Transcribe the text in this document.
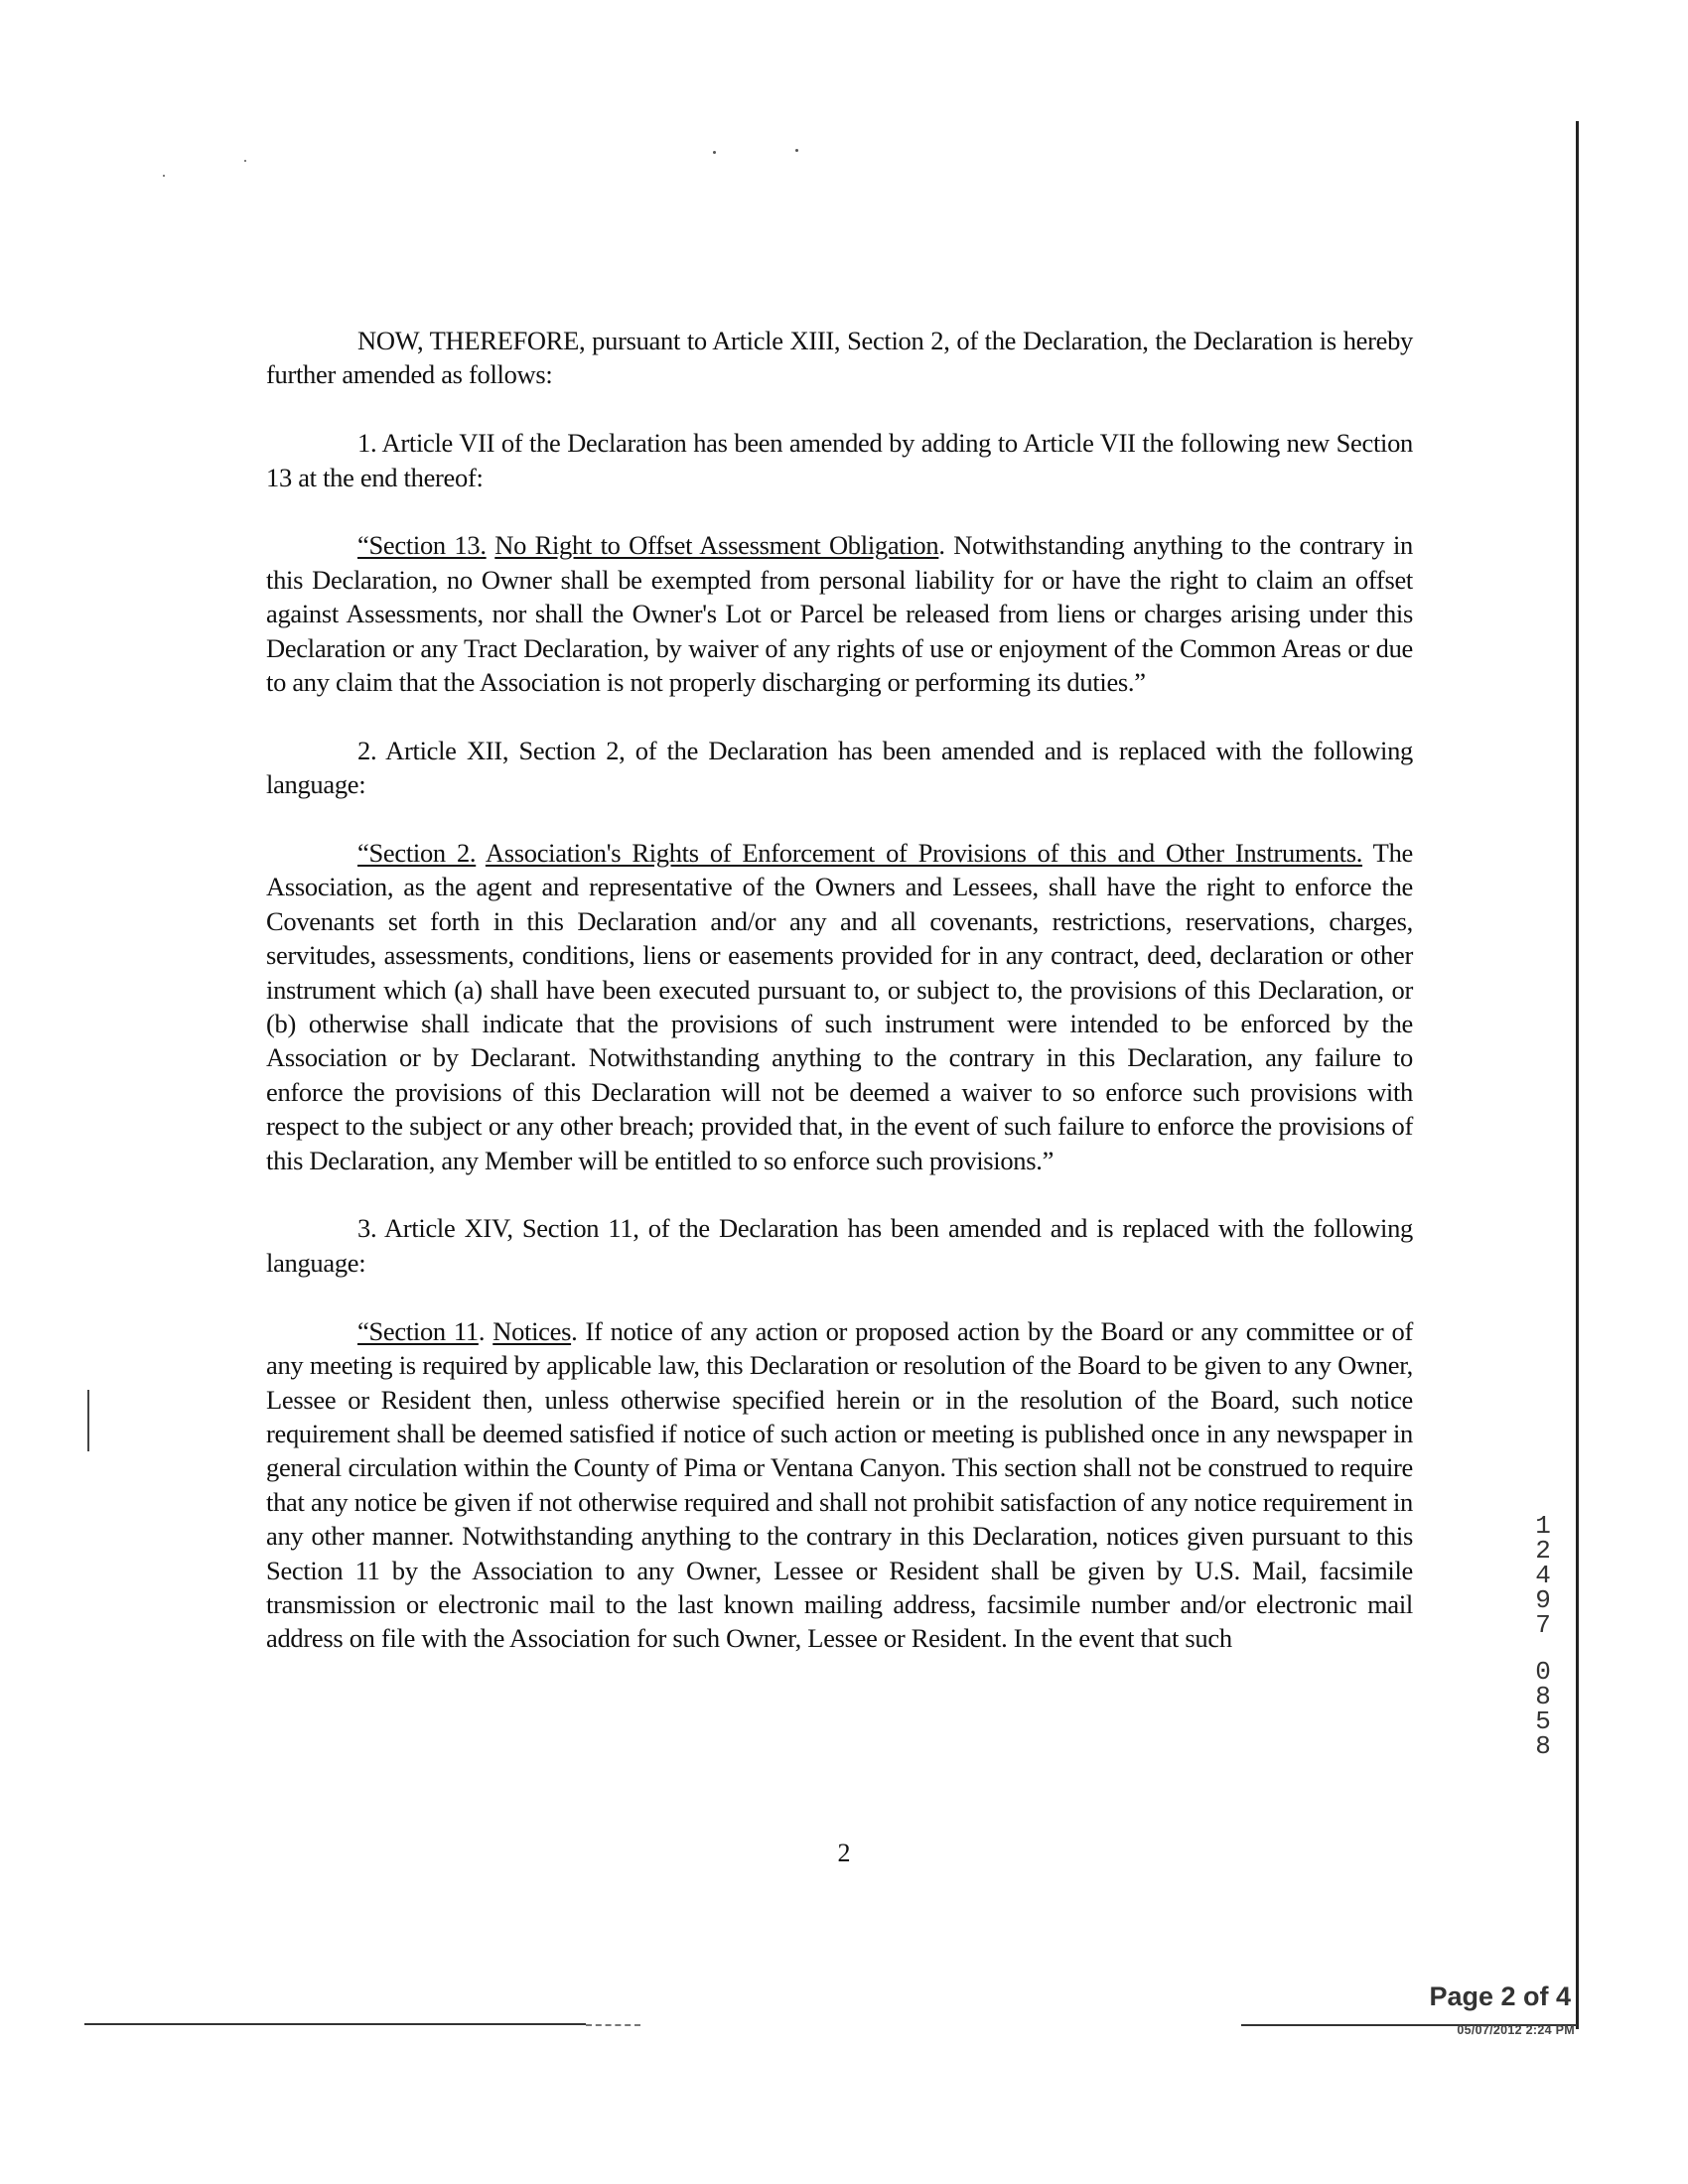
NOW, THEREFORE, pursuant to Article XIII, Section 2, of the Declaration, the Declaration is hereby further amended as follows:

1. Article VII of the Declaration has been amended by adding to Article VII the following new Section 13 at the end thereof:

“Section 13. No Right to Offset Assessment Obligation. Notwithstanding anything to the contrary in this Declaration, no Owner shall be exempted from personal liability for or have the right to claim an offset against Assessments, nor shall the Owner's Lot or Parcel be released from liens or charges arising under this Declaration or any Tract Declaration, by waiver of any rights of use or enjoyment of the Common Areas or due to any claim that the Association is not properly discharging or performing its duties.”

2. Article XII, Section 2, of the Declaration has been amended and is replaced with the following language:

“Section 2. Association's Rights of Enforcement of Provisions of this and Other Instruments. The Association, as the agent and representative of the Owners and Lessees, shall have the right to enforce the Covenants set forth in this Declaration and/or any and all covenants, restrictions, reservations, charges, servitudes, assessments, conditions, liens or easements provided for in any contract, deed, declaration or other instrument which (a) shall have been executed pursuant to, or subject to, the provisions of this Declaration, or (b) otherwise shall indicate that the provisions of such instrument were intended to be enforced by the Association or by Declarant. Notwithstanding anything to the contrary in this Declaration, any failure to enforce the provisions of this Declaration will not be deemed a waiver to so enforce such provisions with respect to the subject or any other breach; provided that, in the event of such failure to enforce the provisions of this Declaration, any Member will be entitled to so enforce such provisions.”

3. Article XIV, Section 11, of the Declaration has been amended and is replaced with the following language:

“Section 11. Notices. If notice of any action or proposed action by the Board or any committee or of any meeting is required by applicable law, this Declaration or resolution of the Board to be given to any Owner, Lessee or Resident then, unless otherwise specified herein or in the resolution of the Board, such notice requirement shall be deemed satisfied if notice of such action or meeting is published once in any newspaper in general circulation within the County of Pima or Ventana Canyon. This section shall not be construed to require that any notice be given if not otherwise required and shall not prohibit satisfaction of any notice requirement in any other manner. Notwithstanding anything to the contrary in this Declaration, notices given pursuant to this Section 11 by the Association to any Owner, Lessee or Resident shall be given by U.S. Mail, facsimile transmission or electronic mail to the last known mailing address, facsimile number and/or electronic mail address on file with the Association for such Owner, Lessee or Resident. In the event that such

2
1
2
4
9
7
0
8
5
8
Page 2 of 4
05/07/2012 2:24 PM
